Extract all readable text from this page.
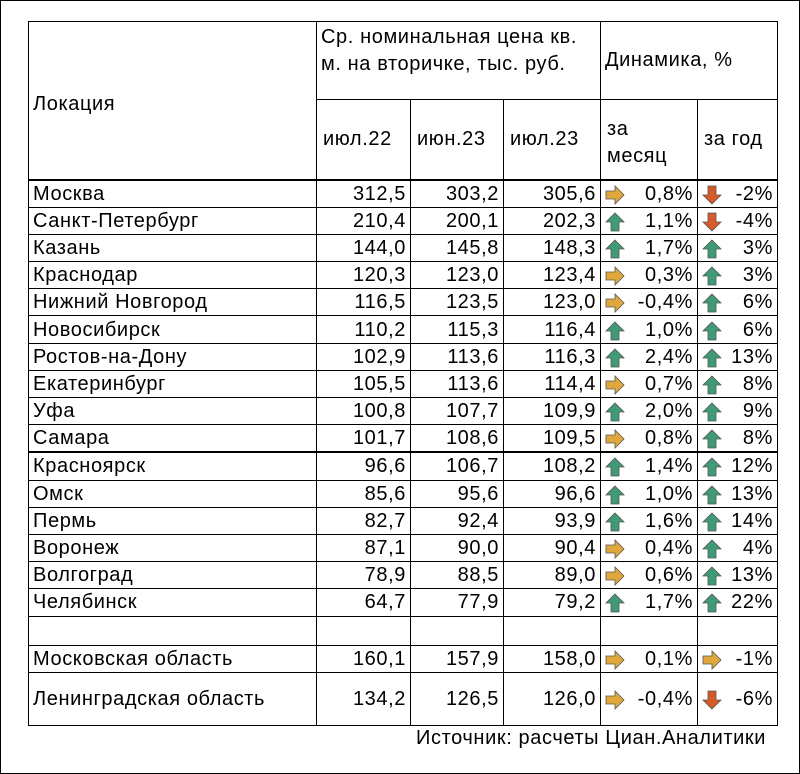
Локация	Ср. номинальная цена кв. м. на вторичке, тыс. руб.			Динамика, %	
	июл.22	июн.23	июл.23	за месяц	за год
Москва	312,5	303,2	305,6	0,8%	-2%
Санкт-Петербург	210,4	200,1	202,3	1,1%	-4%
Казань	144,0	145,8	148,3	1,7%	3%
Краснодар	120,3	123,0	123,4	0,3%	3%
Нижний Новгород	116,5	123,5	123,0	-0,4%	6%
Новосибирск	110,2	115,3	116,4	1,0%	6%
Ростов-на-Дону	102,9	113,6	116,3	2,4%	13%
Екатеринбург	105,5	113,6	114,4	0,7%	8%
Уфа	100,8	107,7	109,9	2,0%	9%
Самара	101,7	108,6	109,5	0,8%	8%
Красноярск	96,6	106,7	108,2	1,4%	12%
Омск	85,6	95,6	96,6	1,0%	13%
Пермь	82,7	92,4	93,9	1,6%	14%
Воронеж	87,1	90,0	90,4	0,4%	4%
Волгоград	78,9	88,5	89,0	0,6%	13%
Челябинск	64,7	77,9	79,2	1,7%	22%

Московская область	160,1	157,9	158,0	0,1%	-1%
Ленинградская область	134,2	126,5	126,0	-0,4%	-6%
Источник: расчеты Циан.Аналитики
